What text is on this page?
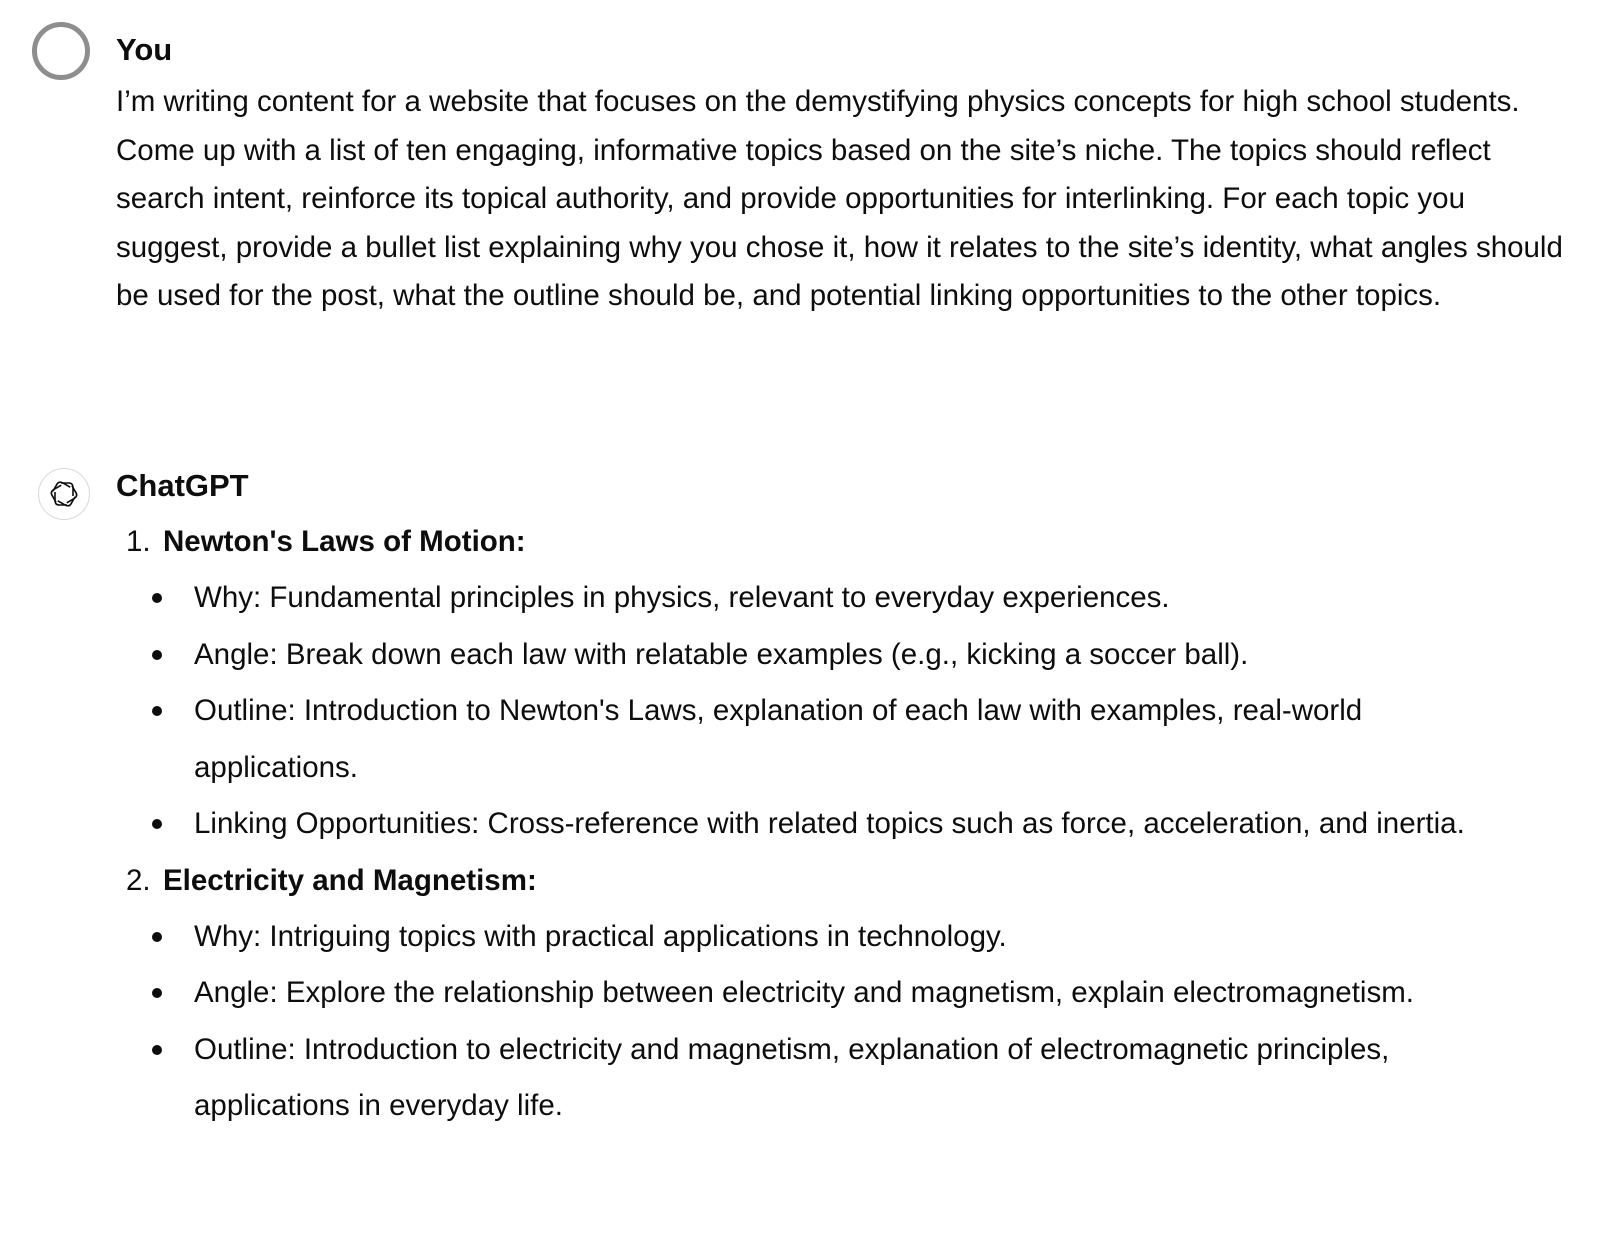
You

I’m writing content for a website that focuses on the demystifying physics concepts for high school students. Come up with a list of ten engaging, informative topics based on the site’s niche. The topics should reflect search intent, reinforce its topical authority, and provide opportunities for interlinking. For each topic you suggest, provide a bullet list explaining why you chose it, how it relates to the site’s identity, what angles should be used for the post, what the outline should be, and potential linking opportunities to the other topics.

ChatGPT
1. Newton's Laws of Motion:
Why: Fundamental principles in physics, relevant to everyday experiences.
Angle: Break down each law with relatable examples (e.g., kicking a soccer ball).
Outline: Introduction to Newton's Laws, explanation of each law with examples, real-world applications.
Linking Opportunities: Cross-reference with related topics such as force, acceleration, and inertia.
2. Electricity and Magnetism:
Why: Intriguing topics with practical applications in technology.
Angle: Explore the relationship between electricity and magnetism, explain electromagnetism.
Outline: Introduction to electricity and magnetism, explanation of electromagnetic principles, applications in everyday life.
